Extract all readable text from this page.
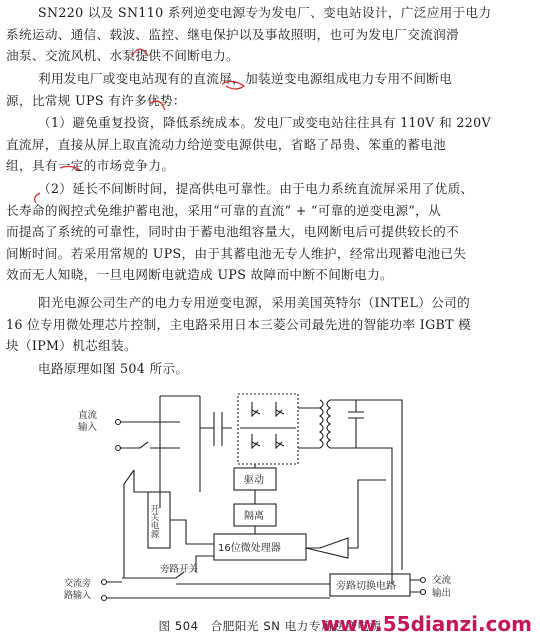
SN220 以及 SN110 系列逆变电源专为发电厂、变电站设计，广泛应用于电力
系统运动、通信、载波、监控、继电保护以及事故照明，也可为发电厂交流润滑
油泵、交流风机、水泵提供不间断电力。
利用发电厂或变电站现有的直流屏，加装逆变电源组成电力专用不间断电
源，比常规 UPS 有许多优势：
（1）避免重复投资，降低系统成本。发电厂或变电站往往具有 110V 和 220V
直流屏，直接从屏上取直流动力给逆变电源供电，省略了昂贵、笨重的蓄电池
组，具有一定的市场竞争力。
（2）延长不间断时间，提高供电可靠性。由于电力系统直流屏采用了优质、
长寿命的阀控式免维护蓄电池，采用“可靠的直流” + “可靠的逆变电源”，从
而提高了系统的可靠性，同时由于蓄电池组容量大，电网断电后可提供较长的不
间断时间。若采用常规的 UPS，由于其蓄电池无专人维护，经常出现蓄电池已失
效而无人知晓，一旦电网断电就造成 UPS 故障而中断不间断电力。
阳光电源公司生产的电力专用逆变电源，采用美国英特尔（INTEL）公司的
16 位专用微处理芯片控制，主电路采用日本三菱公司最先进的智能功率 IGBT 模
块（IPM）机芯组装。
电路原理如图 504 所示。
直流
输入
驱动
隔离
开关电源
16位微处理器
旁路开关
交流旁
路输入
旁路切换电路
交流
输出
图 504　合肥阳光 SN 电力专用逆变电源
www.55dianzi.com
